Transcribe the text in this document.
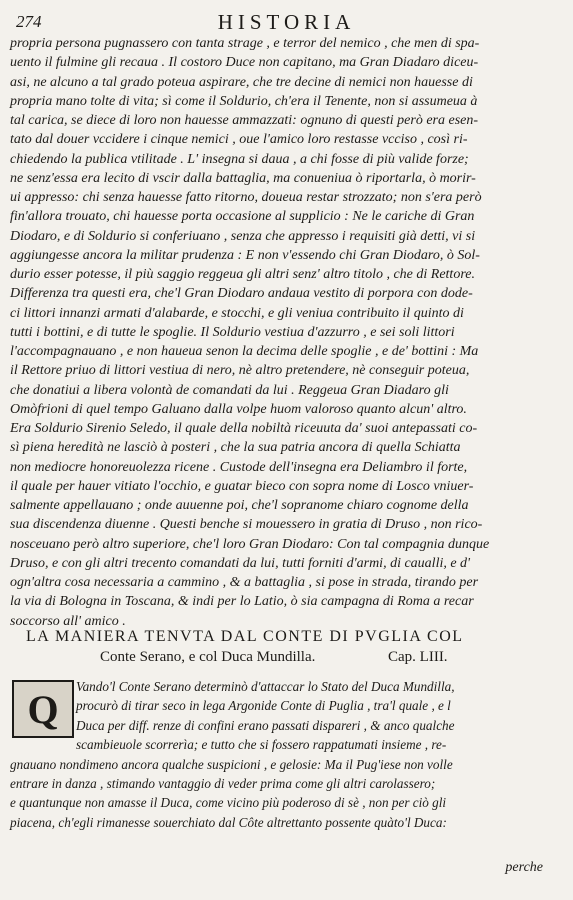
274	HISTORIA
propria persona pugnassero con tanta strage , e terror del nemico , che men di spa-
uento il fulmine gli recaua . Il costoro Duce non capitano, ma Gran Diadaro diceu-
asi, ne alcuno a tal grado poteua aspirare, che tre decine di nemici non hauesse di
propria mano tolte di vita; sì come il Soldurio, ch'era il Tenente, non si assumeua à
tal carica, se diece di loro non hauesse ammazzati: ognuno di questi però era esen-
tato dal douer vccidere i cinque nemici , oue l'amico loro restasse vcciso , così ri-
chiedendo la publica vtilitade . L' insegna si daua , a chi fosse di più valide forze;
ne senz'essa era lecito di vscir dalla battaglia, ma conueniua ò riportarla, ò morir-
ui appresso: chi senza hauesse fatto ritorno, doueua restar strozzato; non s'era però
fin'allora trouato, chi hauesse porta occasione al supplicio : Ne le cariche di Gran
Diodaro, e di Soldurio si conferiuano , senza che appresso i requisiti già detti, vi si
aggiungesse ancora la militar prudenza : E non v'essendo chi Gran Diodaro, ò Sol-
durio esser potesse, il più saggio reggeua gli altri senz' altro titolo , che di Rettore.
Differenza tra questi era, che'l Gran Diodaro andaua vestito di porpora con dode-
ci littori innanzi armati d'alabarde, e stocchi, e gli veniua contribuito il quinto di
tutti i bottini, e di tutte le spoglie. Il Soldurio vestiua d'azzurro , e sei soli littori
l'accompagnauano , e non haueua senon la decima delle spoglie , e de' bottini : Ma
il Rettore priuo di littori vestiua di nero, nè altro pretendere, nè conseguir poteua,
che donatiui a libera volontà de comandati da lui . Reggeua Gran Diadaro gli
Omòfrioni di quel tempo Galuano dalla volpe huom valoroso quanto alcun' altro.
Era Soldurio Sirenio Seledo, il quale della nobiltà riceuuta da' suoi antepassati co-
sì piena heredità ne lasciò à posteri , che la sua patria ancora di quella Schiatta
non mediocre honoreuolezza ricene . Custode dell'insegna era Deliambro il forte,
il quale per hauer vitiato l'occhio, e guatar bieco con sopra nome di Losco vniuer-
salmente appellauano ; onde auuenne poi, che'l sopranome chiaro cognome della
sua discendenza diuenne . Questi benche si mouessero in gratia di Druso , non rico-
nosceuano però altro superiore, che'l loro Gran Diodaro: Con tal compagnia dunque
Druso, e con gli altri trecento comandati da lui, tutti forniti d'armi, di caualli, e d'
ogn'altra cosa necessaria a cammino , & a battaglia , si pose in strada, tirando per
la via di Bologna in Toscana, & indi per lo Latio, ò sia campagna di Roma a recar
soccorso all' amico .
LA MANIERA TENVTA DAL CONTE DI PVGLIA COL
Conte Serano, e col Duca Mundilla.	Cap. LIII.
Q Vando'l Conte Serano determinò d'attaccar lo Stato del Duca Mundilla,
procurò di tirar seco in lega Argonide Conte di Puglia , tra'l quale , e l
Duca per diff. renze di confini erano passati dispareri , & anco qualche
scambieuole scorrerìa; e tutto che si fossero rappatumati insieme , re-
gnauano nondimeno ancora qualche suspicioni , e gelosie: Ma il Pug'iese non volle
entrare in danza , stimando vantaggio di veder prima come gli altri carolassero;
e quantunque non amasse il Duca, come vicino più poderoso di sè , non per ciò gli
piacena, ch'egli rimanesse souerchiato dal Côte altrettanto possente quàto'l Duca:
perche
